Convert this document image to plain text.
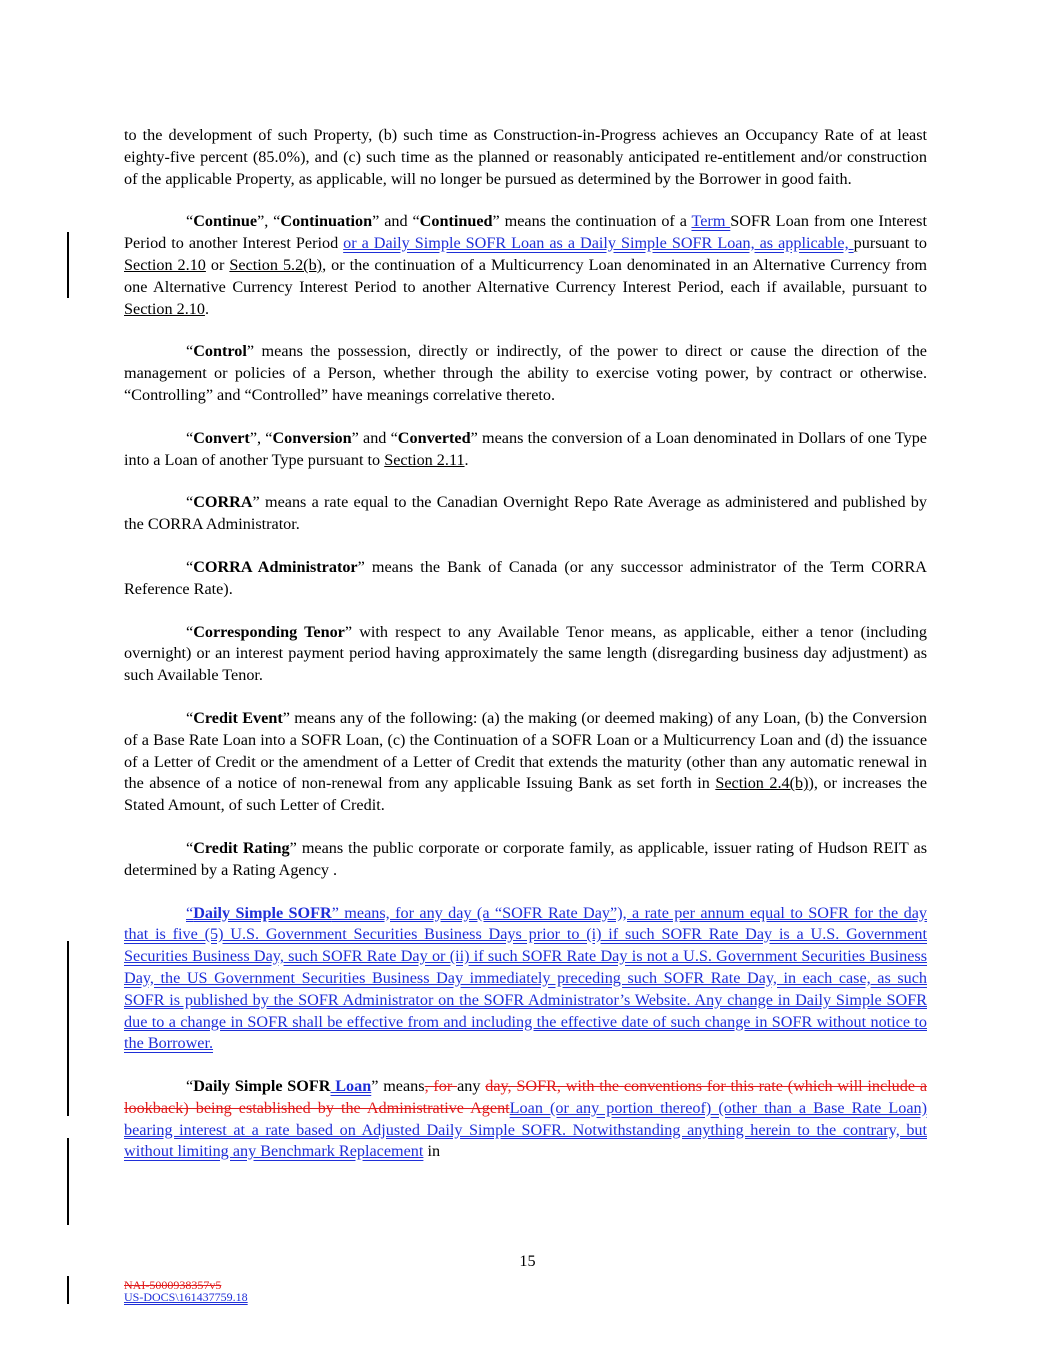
to the development of such Property, (b) such time as Construction-in-Progress achieves an Occupancy Rate of at least eighty-five percent (85.0%), and (c) such time as the planned or reasonably anticipated re-entitlement and/or construction of the applicable Property, as applicable, will no longer be pursued as determined by the Borrower in good faith.

“Continue”, “Continuation” and “Continued” means the continuation of a Term SOFR Loan from one Interest Period to another Interest Period or a Daily Simple SOFR Loan as a Daily Simple SOFR Loan, as applicable, pursuant to Section 2.10 or Section 5.2(b), or the continuation of a Multicurrency Loan denominated in an Alternative Currency from one Alternative Currency Interest Period to another Alternative Currency Interest Period, each if available, pursuant to Section 2.10.

“Control” means the possession, directly or indirectly, of the power to direct or cause the direction of the management or policies of a Person, whether through the ability to exercise voting power, by contract or otherwise. “Controlling” and “Controlled” have meanings correlative thereto.

“Convert”, “Conversion” and “Converted” means the conversion of a Loan denominated in Dollars of one Type into a Loan of another Type pursuant to Section 2.11.

“CORRA” means a rate equal to the Canadian Overnight Repo Rate Average as administered and published by the CORRA Administrator.

“CORRA Administrator” means the Bank of Canada (or any successor administrator of the Term CORRA Reference Rate).

“Corresponding Tenor” with respect to any Available Tenor means, as applicable, either a tenor (including overnight) or an interest payment period having approximately the same length (disregarding business day adjustment) as such Available Tenor.

“Credit Event” means any of the following: (a) the making (or deemed making) of any Loan, (b) the Conversion of a Base Rate Loan into a SOFR Loan, (c) the Continuation of a SOFR Loan or a Multicurrency Loan and (d) the issuance of a Letter of Credit or the amendment of a Letter of Credit that extends the maturity (other than any automatic renewal in the absence of a notice of non-renewal from any applicable Issuing Bank as set forth in Section 2.4(b)), or increases the Stated Amount, of such Letter of Credit.

“Credit Rating” means the public corporate or corporate family, as applicable, issuer rating of Hudson REIT as determined by a Rating Agency .

“Daily Simple SOFR” means, for any day (a “SOFR Rate Day”), a rate per annum equal to SOFR for the day that is five (5) U.S. Government Securities Business Days prior to (i) if such SOFR Rate Day is a U.S. Government Securities Business Day, such SOFR Rate Day or (ii) if such SOFR Rate Day is not a U.S. Government Securities Business Day, the US Government Securities Business Day immediately preceding such SOFR Rate Day, in each case, as such SOFR is published by the SOFR Administrator on the SOFR Administrator’s Website. Any change in Daily Simple SOFR due to a change in SOFR shall be effective from and including the effective date of such change in SOFR without notice to the Borrower.

“Daily Simple SOFR Loan” means, for any day, SOFR, with the conventions for this rate (which will include a lookback) being established by the Administrative AgentLoan (or any portion thereof) (other than a Base Rate Loan) bearing interest at a rate based on Adjusted Daily Simple SOFR. Notwithstanding anything herein to the contrary, but without limiting any Benchmark Replacement in

15
NAI-5000938357v5
US-DOCS\161437759.18
